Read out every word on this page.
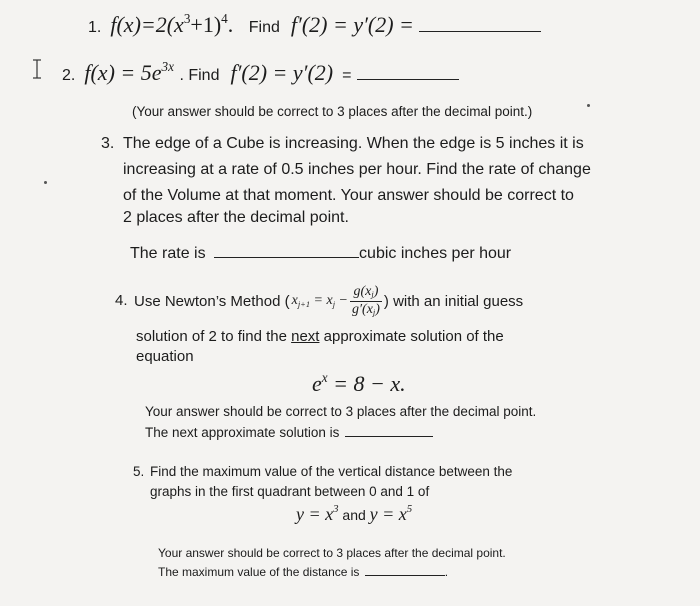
1. $f(x)=2(x^3+1)^4$. Find f′(2) = y′(2) =
2. $f(x) = 5e^{3x}$ . Find f′(2) = y′(2) =
(Your answer should be correct to 3 places after the decimal point.)
3. The edge of a Cube is increasing. When the edge is 5 inches it is
increasing at a rate of 0.5 inches per hour. Find the rate of change
of the Volume at that moment. Your answer should be correct to
2 places after the decimal point.
The rate is	cubic inches per hour
4. Use Newton’s Method ( xj+1 = xj − $\frac{g(xj)}{g'(xj)}$ ) with an initial guess
solution of 2 to find the next approximate solution of the
equation
$e^x = 8 - x$.
Your answer should be correct to 3 places after the decimal point.
The next approximate solution is
5. Find the maximum value of the vertical distance between the
graphs in the first quadrant between 0 and 1 of
$y = x^3$ and $y = x^5$
Your answer should be correct to 3 places after the decimal point.
The maximum value of the distance is	.
